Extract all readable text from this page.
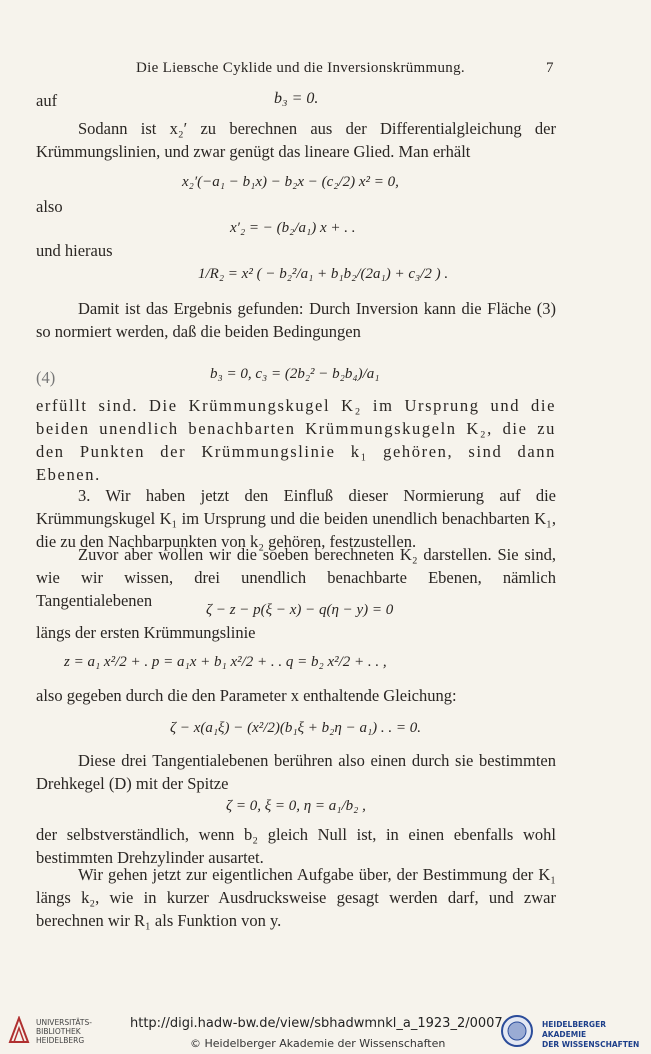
Die Lieʙsche Cyklide und die Inversionskrümmung.	7
auf	b₃ = 0.
Sodann ist x₂′ zu berechnen aus der Differentialgleichung der Krümmungslinien, und zwar genügt das lineare Glied. Man erhält
x₂′(−a₁ − b₁x) − b₂x − (c₂/2) x² = 0,
also
x′₂ = − (b₂/a₁) x + . .
und hieraus
1/R₂ = x² ( − b₂²/a₁ + b₁b₂/(2a₁) + c₃/2 ) .
Damit ist das Ergebnis gefunden: Durch Inversion kann die Fläche (3) so normiert werden, daß die beiden Bedingungen
(4)	b₃ = 0, c₃ = (2b₂² − b₂b₄)/a₁
erfüllt sind. Die Krümmungskugel K₂ im Ursprung und die beiden unendlich benachbarten Krümmungskugeln K₂, die zu den Punkten der Krümmungslinie k₁ gehören, sind dann Ebenen.
3. Wir haben jetzt den Einfluß dieser Normierung auf die Krümmungskugel K₁ im Ursprung und die beiden unendlich benachbarten K₁, die zu den Nachbarpunkten von k₂ gehören, festzustellen.
Zuvor aber wollen wir die soeben berechneten K₂ darstellen. Sie sind, wie wir wissen, drei unendlich benachbarte Ebenen, nämlich Tangentialebenen	ζ − z − p(ξ − x) − q(η − y) = 0
längs der ersten Krümmungslinie
z = a₁ x²/2 + . p = a₁x + b₁ x²/2 + . . q = b₂ x²/2 + . . ,
also gegeben durch die den Parameter x enthaltende Gleichung:
ζ − x(a₁ξ) − (x²/2)(b₁ξ + b₂η − a₁) . . = 0.
Diese drei Tangentialebenen berühren also einen durch sie bestimmten Drehkegel (D) mit der Spitze
ζ = 0, ξ = 0, η = a₁/b₂ ,
der selbstverständlich, wenn b₂ gleich Null ist, in einen ebenfalls wohl bestimmten Drehzylinder ausartet.
Wir gehen jetzt zur eigentlichen Aufgabe über, der Bestimmung der K₁ längs k₂, wie in kurzer Ausdrucksweise gesagt werden darf, und zwar berechnen wir R₁ als Funktion von y.
UNIVERSITÄTS-
BIBLIOTHEK
HEIDELBERG
http://digi.hadw-bw.de/view/sbhadwmnkl_a_1923_2/0007
© Heidelberger Akademie der Wissenschaften
HEIDELBERGER AKADEMIE
DER WISSENSCHAFTEN
